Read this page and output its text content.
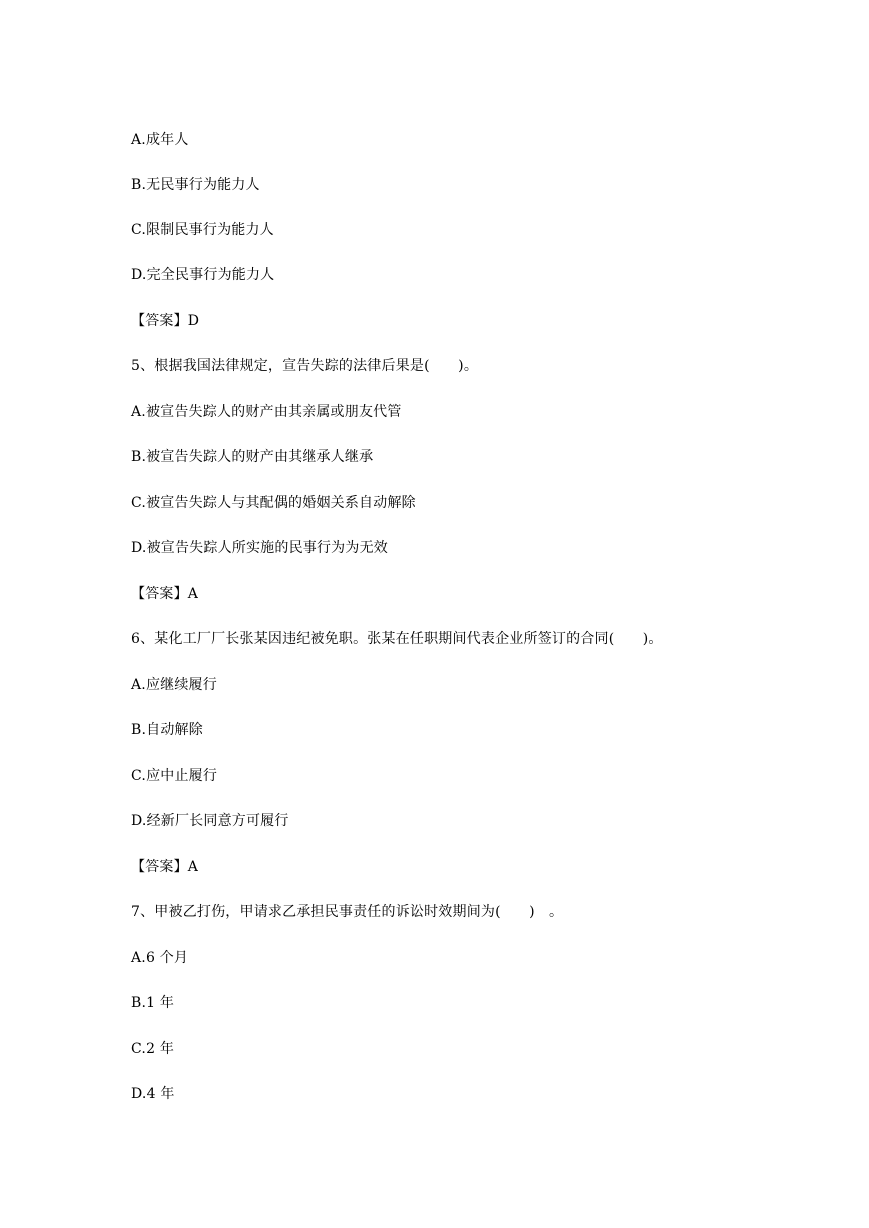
A.成年人
B.无民事行为能力人
C.限制民事行为能力人
D.完全民事行为能力人
【答案】D
5、根据我国法律规定，宣告失踪的法律后果是(　　)。
A.被宣告失踪人的财产由其亲属或朋友代管
B.被宣告失踪人的财产由其继承人继承
C.被宣告失踪人与其配偶的婚姻关系自动解除
D.被宣告失踪人所实施的民事行为为无效
【答案】A
6、某化工厂厂长张某因违纪被免职。张某在任职期间代表企业所签订的合同(　　)。
A.应继续履行
B.自动解除
C.应中止履行
D.经新厂长同意方可履行
【答案】A
7、甲被乙打伤，甲请求乙承担民事责任的诉讼时效期间为(　　)　。
A.6 个月
B.1 年
C.2 年
D.4 年
